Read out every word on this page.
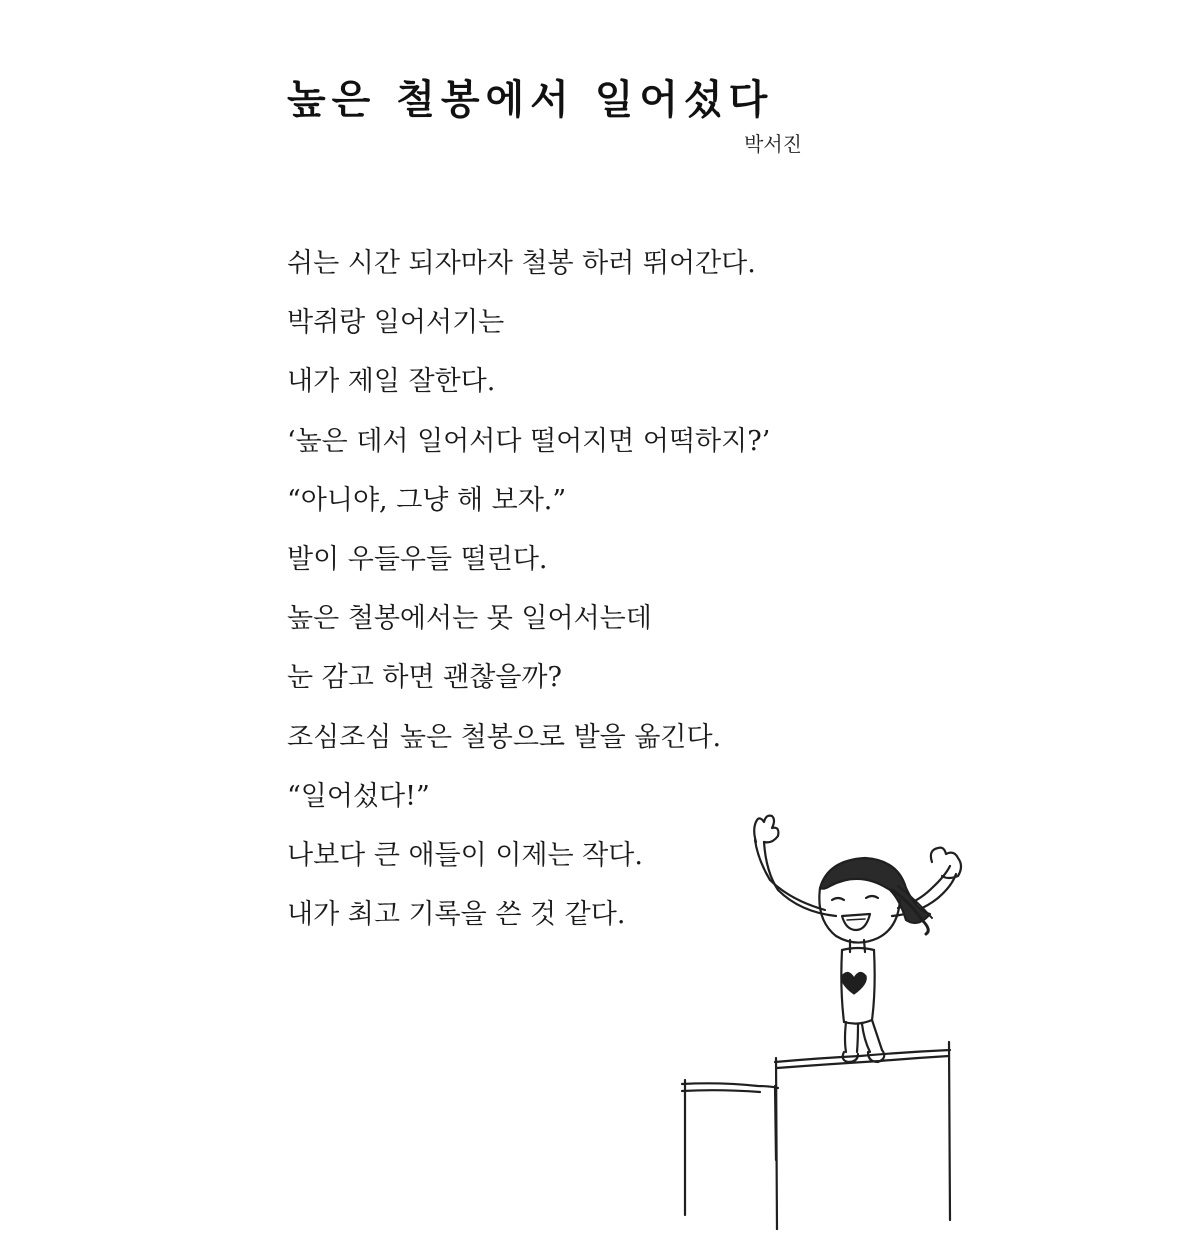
높은 철봉에서 일어섰다
박서진
쉬는 시간 되자마자 철봉 하러 뛰어간다.
박쥐랑 일어서기는
내가 제일 잘한다.
‘높은 데서 일어서다 떨어지면 어떡하지?’
“아니야, 그냥 해 보자.”
발이 우들우들 떨린다.
높은 철봉에서는 못 일어서는데
눈 감고 하면 괜찮을까?
조심조심 높은 철봉으로 발을 옮긴다.
“일어섰다!”
나보다 큰 애들이 이제는 작다.
내가 최고 기록을 쓴 것 같다.
